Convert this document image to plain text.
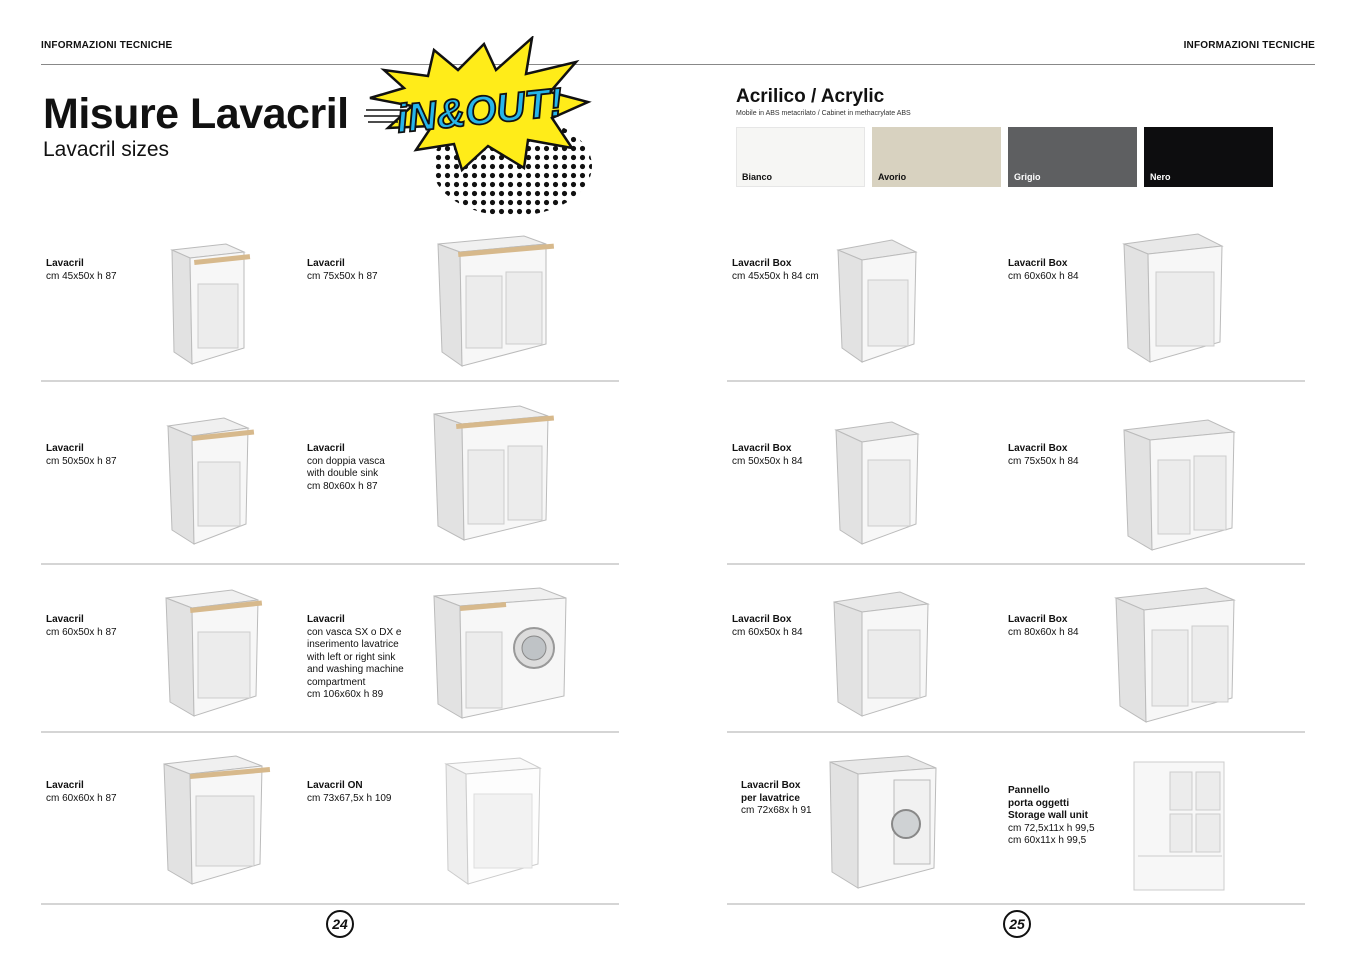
INFORMAZIONI TECNICHE	INFORMAZIONI TECNICHE
Misure Lavacril
Lavacril sizes
iN&OUT!	Acrilico / Acrylic
Mobile in ABS metacrilato / Cabinet in methacrylate ABS
Bianco	Avorio	Grigio	Nero
Lavacril
cm 45x50x h 87
Lavacril
cm 75x50x h 87
Lavacril
cm 50x50x h 87
Lavacril
con doppia vasca
with double sink
cm 80x60x h 87
Lavacril
cm 60x50x h 87
Lavacril
con vasca SX o DX e
inserimento lavatrice
with left or right sink
and washing machine
compartment
cm 106x60x h 89
Lavacril
cm 60x60x h 87
Lavacril ON
cm 73x67,5x h 109
Lavacril Box
cm 45x50x h 84 cm
Lavacril Box
cm 60x60x h 84
Lavacril Box
cm 50x50x h 84
Lavacril Box
cm 75x50x h 84
Lavacril Box
cm 60x50x h 84
Lavacril Box
cm 80x60x h 84
Lavacril Box
per lavatrice
cm 72x68x h 91
Pannello
porta oggetti
Storage wall unit
cm 72,5x11x h 99,5
cm 60x11x h 99,5
24	25
